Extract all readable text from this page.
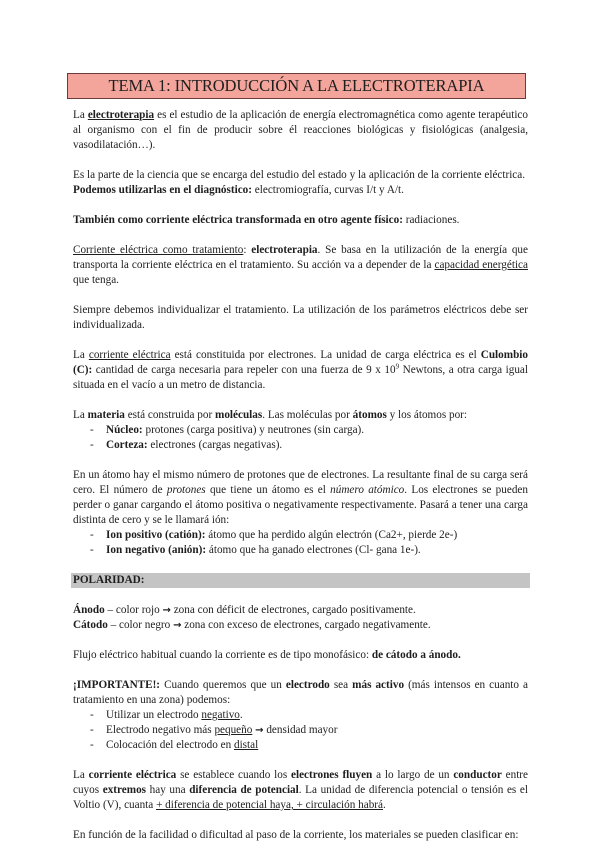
TEMA 1: INTRODUCCIÓN A LA ELECTROTERAPIA

La electroterapia es el estudio de la aplicación de energía electromagnética como agente terapéutico al organismo con el fin de producir sobre él reacciones biológicas y fisiológicas (analgesia, vasodilatación…).

Es la parte de la ciencia que se encarga del estudio del estado y la aplicación de la corriente eléctrica.
Podemos utilizarlas en el diagnóstico: electromiografía, curvas I/t y A/t.

También como corriente eléctrica transformada en otro agente físico: radiaciones.

Corriente eléctrica como tratamiento: electroterapia. Se basa en la utilización de la energía que transporta la corriente eléctrica en el tratamiento. Su acción va a depender de la capacidad energética que tenga.

Siempre debemos individualizar el tratamiento. La utilización de los parámetros eléctricos debe ser individualizada.

La corriente eléctrica está constituida por electrones. La unidad de carga eléctrica es el Culombio (C): cantidad de carga necesaria para repeler con una fuerza de 9 x $10^9$ Newtons, a otra carga igual situada en el vacío a un metro de distancia.

La materia está construida por moléculas. Las moléculas por átomos y los átomos por:

- Núcleo: protones (carga positiva) y neutrones (sin carga).
- Corteza: electrones (cargas negativas).

En un átomo hay el mismo número de protones que de electrones. La resultante final de su carga será cero. El número de protones que tiene un átomo es el número atómico. Los electrones se pueden perder o ganar cargando el átomo positiva o negativamente respectivamente. Pasará a tener una carga distinta de cero y se le llamará ión:

- Ion positivo (catión): átomo que ha perdido algún electrón (Ca2+, pierde 2e-)
- Ion negativo (anión): átomo que ha ganado electrones (Cl- gana 1e-).
POLARIDAD:

Ánodo – color rojo → zona con déficit de electrones, cargado positivamente.

Cátodo – color negro → zona con exceso de electrones, cargado negativamente.

Flujo eléctrico habitual cuando la corriente es de tipo monofásico: de cátodo a ánodo.

¡IMPORTANTE!: Cuando queremos que un electrodo sea más activo (más intensos en cuanto a tratamiento en una zona) podemos:

- Utilizar un electrodo negativo.
- Electrodo negativo más pequeño → densidad mayor
- Colocación del electrodo en distal

La corriente eléctrica se establece cuando los electrones fluyen a lo largo de un conductor entre cuyos extremos hay una diferencia de potencial. La unidad de diferencia potencial o tensión es el Voltio (V), cuanta + diferencia de potencial haya, + circulación habrá.

En función de la facilidad o dificultad al paso de la corriente, los materiales se pueden clasificar en:
